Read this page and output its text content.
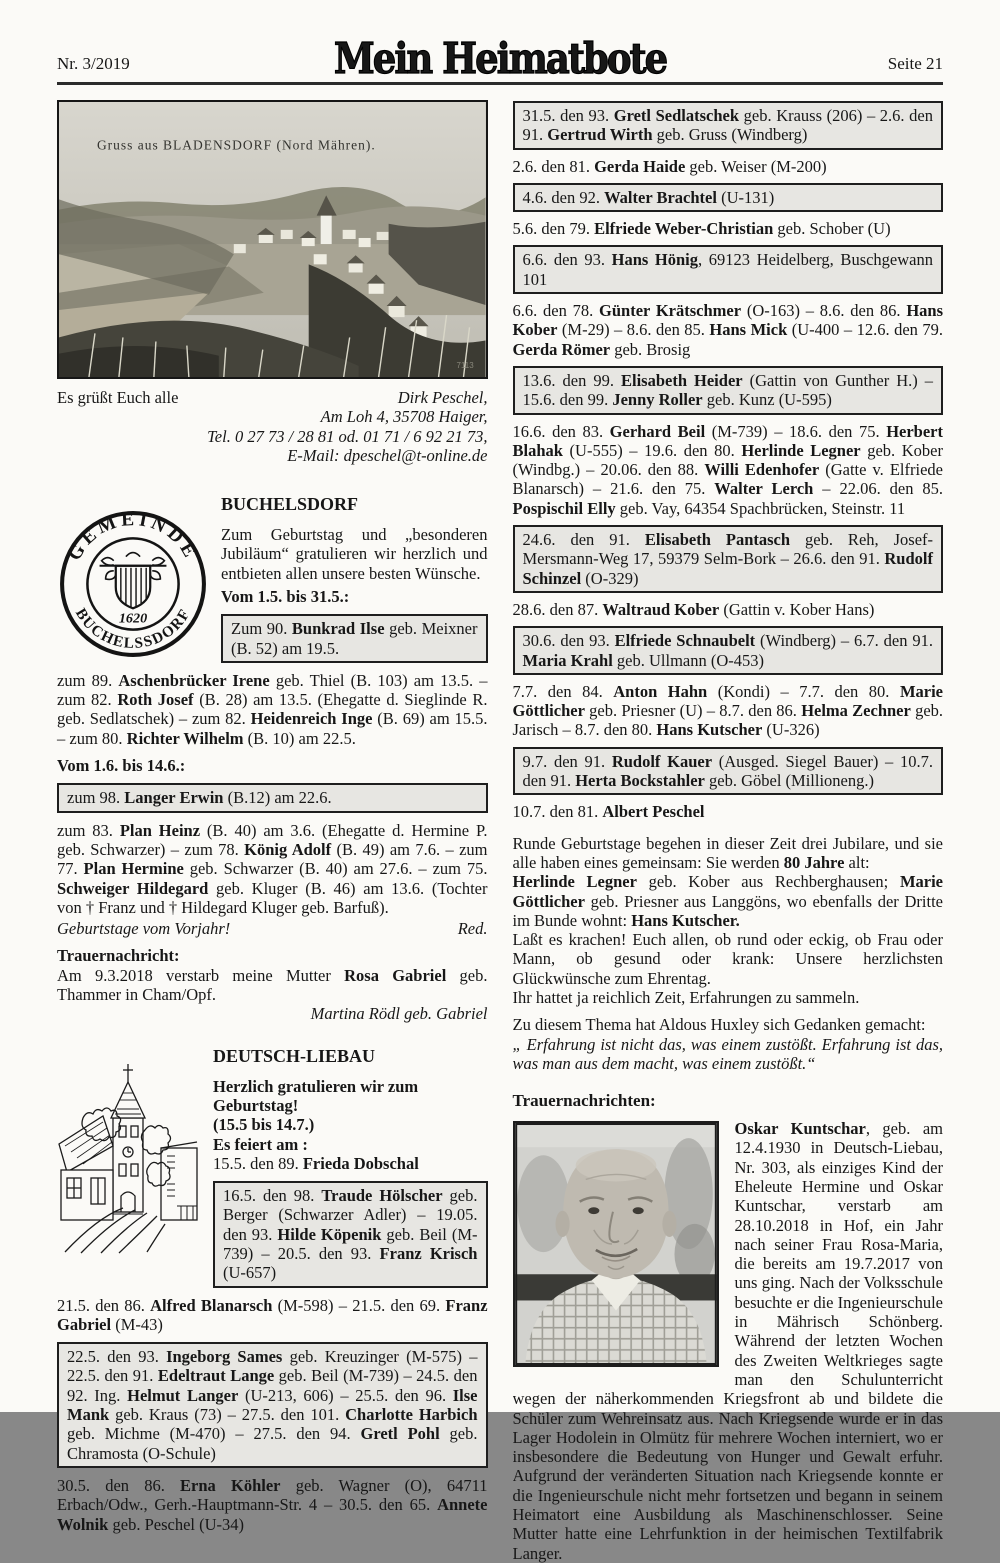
Nr. 3/2019	Mein Heimatbote	Seite 21
Gruss aus BLADENSDORF (Nord Mähren).
7113
Es grüßt Euch alle	Dirk Peschel,
Am Loh 4, 35708 Haiger,
Tel. 0 27 73 / 28 81 od. 01 71 / 6 92 21 73,
E-Mail: dpeschel@t-online.de
GEMEINDE
BUCHELSSDORF
1620
BUCHELSDORF

Zum Geburtstag und „besonderen Jubiläum“ gratulieren wir herzlich und entbieten allen unsere besten Wünsche.

Vom 1.5. bis 31.5.:

Zum 90. Bunkrad Ilse geb. Meixner (B. 52) am 19.5.

zum 89. Aschenbrücker Irene geb. Thiel (B. 103) am 13.5. – zum 82. Roth Josef (B. 28) am 13.5. (Ehegatte d. Sieglinde R. geb. Sedlatschek) – zum 82. Heidenreich Inge (B. 69) am 15.5. – zum 80. Richter Wilhelm (B. 10) am 22.5.

Vom 1.6. bis 14.6.:

zum 98. Langer Erwin (B.12) am 22.6.

zum 83. Plan Heinz (B. 40) am 3.6. (Ehegatte d. Hermine P. geb. Schwarzer) – zum 78. König Adolf (B. 49) am 7.6. – zum 77. Plan Hermine geb. Schwarzer (B. 40) am 27.6. – zum 75. Schweiger Hildegard geb. Kluger (B. 46) am 13.6. (Tochter von † Franz und † Hildegard Kluger geb. Barfuß).

Geburtstage vom Vorjahr!	Red.

Trauernachricht:

Am 9.3.2018 verstarb meine Mutter Rosa Gabriel geb. Thammer in Cham/Opf.

Martina Rödl geb. Gabriel
DEUTSCH-LIEBAU

Herzlich gratulieren wir zum Geburtstag!

(15.5 bis 14.7.)

Es feiert am :

15.5. den 89. Frieda Dobschal

16.5. den 98. Traude Hölscher geb. Berger (Schwarzer Adler) – 19.05. den 93. Hilde Köpenik geb. Beil (M-739) – 20.5. den 93. Franz Krisch (U-657)

21.5. den 86. Alfred Blanarsch (M-598) – 21.5. den 69. Franz Gabriel (M-43)

22.5. den 93. Ingeborg Sames geb. Kreuzinger (M-575) – 22.5. den 91. Edeltraut Lange geb. Beil (M-739) – 24.5. den 92. Ing. Helmut Langer (U-213, 606) – 25.5. den 96. Ilse Mank geb. Kraus (73) – 27.5. den 101. Charlotte Harbich geb. Michme (M-470) – 27.5. den 94. Gretl Pohl geb. Chramosta (O-Schule)

30.5. den 86. Erna Köhler geb. Wagner (O), 64711 Erbach/Odw., Gerh.-Hauptmann-Str. 4 – 30.5. den 65. Annete Wolnik geb. Peschel (U-34)

31.5. den 93. Gretl Sedlatschek geb. Krauss (206) – 2.6. den 91. Gertrud Wirth geb. Gruss (Windberg)
2.6. den 81. Gerda Haide geb. Weiser (M-200)
4.6. den 92. Walter Brachtel (U-131)
5.6. den 79. Elfriede Weber-Christian geb. Schober (U)
6.6. den 93. Hans Hönig, 69123 Heidelberg, Buschgewann 101
6.6. den 78. Günter Krätschmer (O-163) – 8.6. den 86. Hans Kober (M-29) – 8.6. den 85. Hans Mick (U-400 – 12.6. den 79. Gerda Römer geb. Brosig
13.6. den 99. Elisabeth Heider (Gattin von Gunther H.) – 15.6. den 99. Jenny Roller geb. Kunz (U-595)
16.6. den 83. Gerhard Beil (M-739) – 18.6. den 75. Herbert Blahak (U-555) – 19.6. den 80. Herlinde Legner geb. Kober (Windbg.) – 20.06. den 88. Willi Edenhofer (Gatte v. Elfriede Blanarsch) – 21.6. den 75. Walter Lerch – 22.06. den 85. Pospischil Elly geb. Vay, 64354 Spachbrücken, Steinstr. 11
24.6. den 91. Elisabeth Pantasch geb. Reh, Josef-Mersmann-Weg 17, 59379 Selm-Bork – 26.6. den 91. Rudolf Schinzel (O-329)
28.6. den 87. Waltraud Kober (Gattin v. Kober Hans)
30.6. den 93. Elfriede Schnaubelt (Windberg) – 6.7. den 91. Maria Krahl geb. Ullmann (O-453)
7.7. den 84. Anton Hahn (Kondi) – 7.7. den 80. Marie Göttlicher geb. Priesner (U) – 8.7. den 86. Helma Zechner geb. Jarisch – 8.7. den 80. Hans Kutscher (U-326)
9.7. den 91. Rudolf Kauer (Ausged. Siegel Bauer) – 10.7. den 91. Herta Bockstahler geb. Göbel (Millioneng.)
10.7. den 81. Albert Peschel

Runde Geburtstage begehen in dieser Zeit drei Jubilare, und sie alle haben eines gemeinsam: Sie werden 80 Jahre alt:

Herlinde Legner geb. Kober aus Rechberghausen; Marie Göttlicher geb. Priesner aus Langgöns, wo ebenfalls der Dritte im Bunde wohnt: Hans Kutscher.

Laßt es krachen! Euch allen, ob rund oder eckig, ob Frau oder Mann, ob gesund oder krank: Unsere herzlichsten Glückwünsche zum Ehrentag.

Ihr hattet ja reichlich Zeit, Erfahrungen zu sammeln.

Zu diesem Thema hat Aldous Huxley sich Gedanken gemacht:

„ Erfahrung ist nicht das, was einem zustößt. Erfahrung ist das, was man aus dem macht, was einem zustößt.“

Trauernachrichten:

Oskar Kuntschar, geb. am 12.4.1930 in Deutsch-Liebau, Nr. 303, als einziges Kind der Eheleute Hermine und Oskar Kuntschar, verstarb am 28.10.2018 in Hof, ein Jahr nach seiner Frau Rosa-Maria, die bereits am 19.7.2017 von uns ging. Nach der Volksschule besuchte er die Ingenieurschule in Mährisch Schönberg. Während der letzten Wochen des Zweiten Weltkrieges sagte man den Schulunterricht wegen der näherkommenden Kriegsfront ab und bildete die Schüler zum Wehreinsatz aus. Nach Kriegsende wurde er in das Lager Hodolein in Olmütz für mehrere Wochen interniert, wo er insbesondere die Bedeutung von Hunger und Gewalt erfuhr. Aufgrund der veränderten Situation nach Kriegsende konnte er die Ingenieurschule nicht mehr fortsetzen und begann in seinem Heimatort eine Ausbildung als Maschinenschlosser. Seine Mutter hatte eine Lehrfunktion in der heimischen Textilfabrik Langer.
